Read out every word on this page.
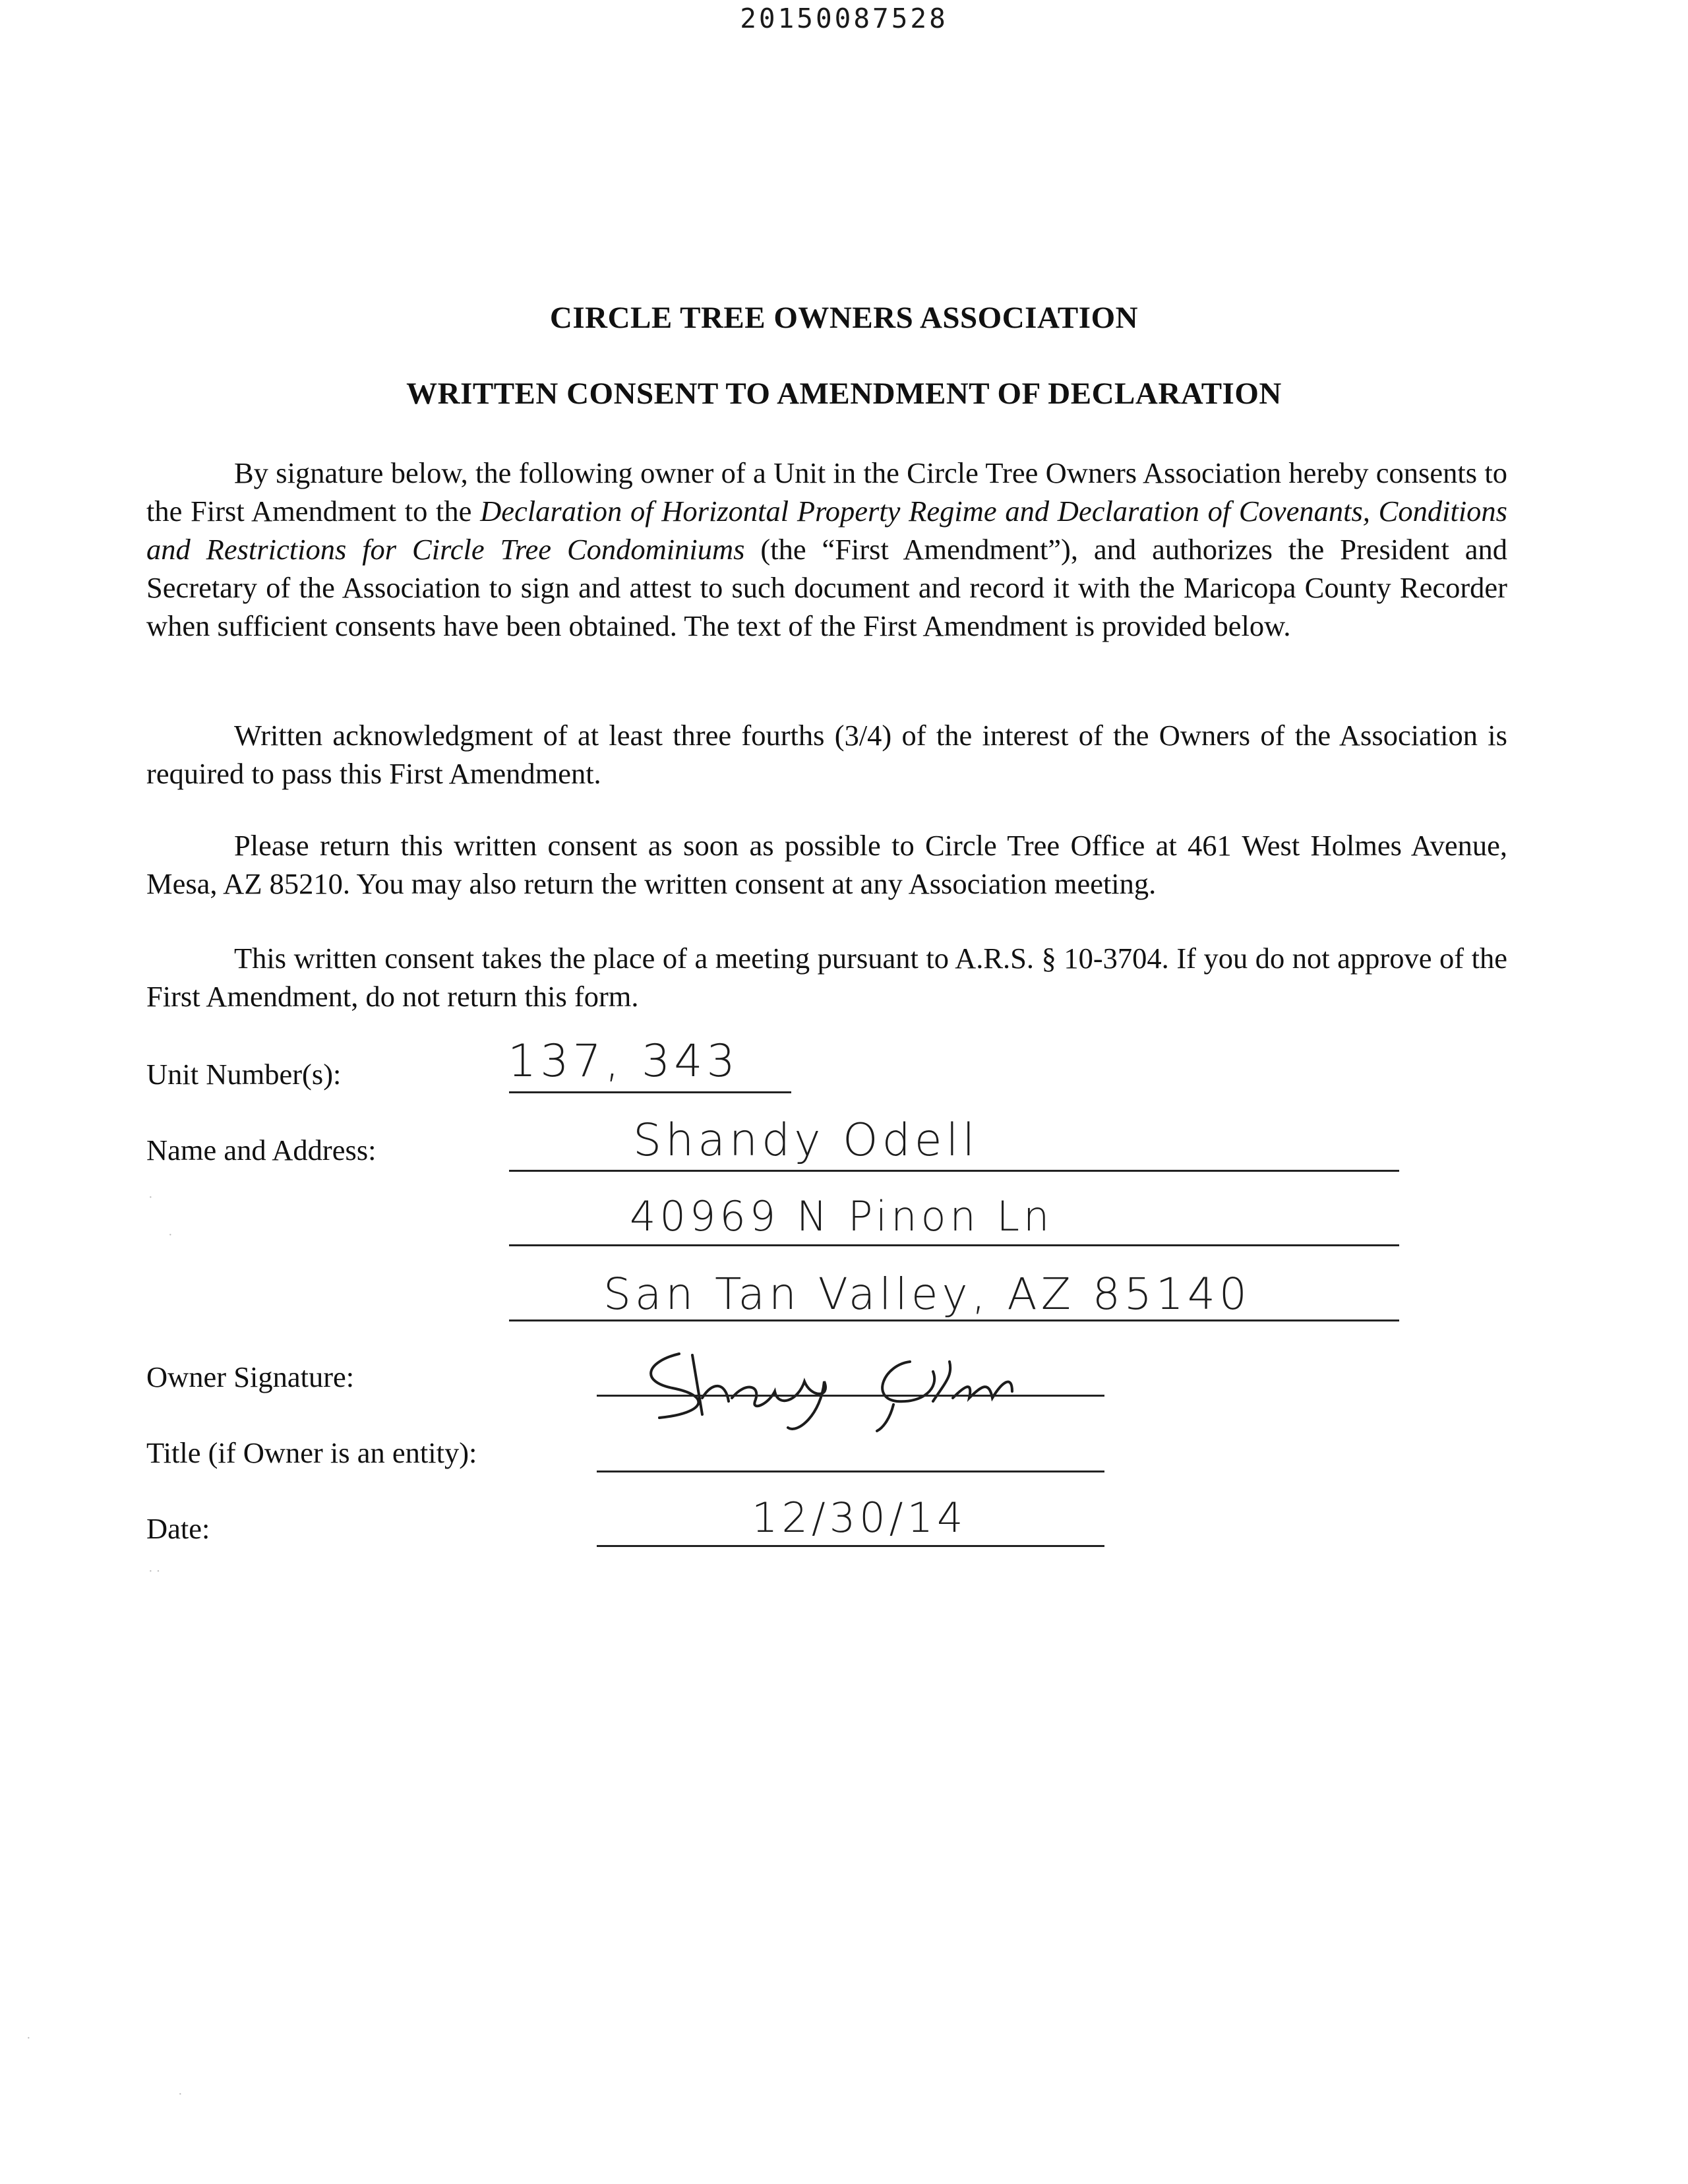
20150087528
CIRCLE TREE OWNERS ASSOCIATION
WRITTEN CONSENT TO AMENDMENT OF DECLARATION
By signature below, the following owner of a Unit in the Circle Tree Owners Association hereby consents to the First Amendment to the Declaration of Horizontal Property Regime and Declaration of Covenants, Conditions and Restrictions for Circle Tree Condominiums (the “First Amendment”), and authorizes the President and Secretary of the Association to sign and attest to such document and record it with the Maricopa County Recorder when sufficient consents have been obtained. The text of the First Amendment is provided below.
Written acknowledgment of at least three fourths (3/4) of the interest of the Owners of the Association is required to pass this First Amendment.
Please return this written consent as soon as possible to Circle Tree Office at 461 West Holmes Avenue, Mesa, AZ 85210. You may also return the written consent at any Association meeting.
This written consent takes the place of a meeting pursuant to A.R.S. § 10-3704. If you do not approve of the First Amendment, do not return this form.
Unit Number(s):	137, 343
Name and Address:	Shandy Odell
40969 N Pinon Ln
San Tan Valley, AZ 85140
Owner Signature:
Title (if Owner is an entity):
Date:	12/30/14
·
·
· ·
·
·
